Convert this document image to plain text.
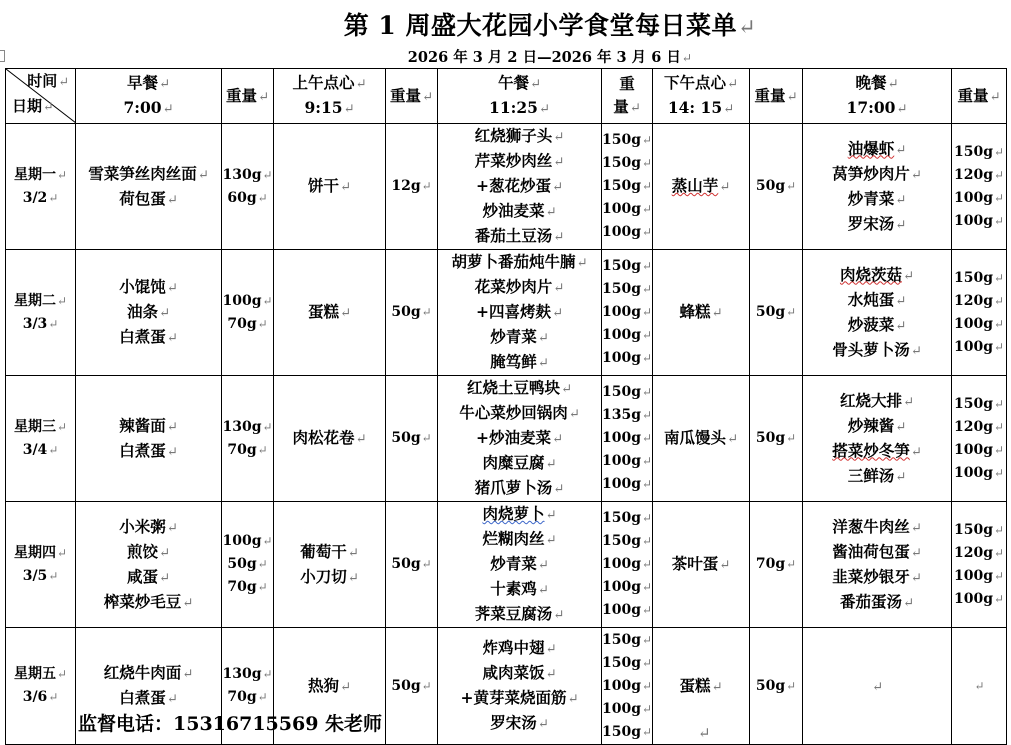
第 1 周盛大花园小学食堂每日菜单↵
2026 年 3 月 2 日—2026 年 3 月 6 日↵
时间↵
日期↵	早餐↵
7:00↵	重量↵	上午点心↵
9:15↵	重量↵	午餐↵
11:25↵	重
量↵	下午点心↵
14: 15↵	重量↵	晚餐↵
17:00↵	重量↵

星期一↵
3/2↵	雪菜笋丝肉丝面↵
荷包蛋↵	130g↵
60g↵	饼干↵	12g↵	红烧狮子头↵
芹菜炒肉丝↵
+葱花炒蛋↵
炒油麦菜↵
番茄土豆汤↵	150g↵
150g↵
150g↵
100g↵
100g↵	蒸山芋↵	50g↵	油爆虾↵
莴笋炒肉片↵
炒青菜↵
罗宋汤↵	150g↵
120g↵
100g↵
100g↵

星期二↵
3/3↵	小馄饨↵
油条↵
白煮蛋↵	100g↵
70g↵	蛋糕↵	50g↵	胡萝卜番茄炖牛腩↵
花菜炒肉片↵
+四喜烤麸↵
炒青菜↵
腌笃鲜↵	150g↵
150g↵
100g↵
100g↵
100g↵	蜂糕↵	50g↵	肉烧茨菇↵
水炖蛋↵
炒菠菜↵
骨头萝卜汤↵	150g↵
120g↵
100g↵
100g↵

星期三↵
3/4↵	辣酱面↵
白煮蛋↵	130g↵
70g↵	肉松花卷↵	50g↵	红烧土豆鸭块↵
牛心菜炒回锅肉↵
+炒油麦菜↵
肉糜豆腐↵
猪爪萝卜汤↵	150g↵
135g↵
100g↵
100g↵
100g↵	南瓜馒头↵	50g↵	红烧大排↵
炒辣酱↵
搭菜炒冬笋↵
三鲜汤↵	150g↵
120g↵
100g↵
100g↵

星期四↵
3/5↵	小米粥↵
煎饺↵
咸蛋↵
榨菜炒毛豆↵	100g↵
50g↵
70g↵	葡萄干↵
小刀切↵	50g↵	肉烧萝卜↵
烂糊肉丝↵
炒青菜↵
十素鸡↵
荠菜豆腐汤↵	150g↵
150g↵
100g↵
100g↵
100g↵	茶叶蛋↵	70g↵	洋葱牛肉丝↵
酱油荷包蛋↵
韭菜炒银牙↵
番茄蛋汤↵	150g↵
120g↵
100g↵
100g↵

星期五↵
3/6↵	红烧牛肉面↵
白煮蛋↵	130g↵
70g↵	热狗↵	50g↵	炸鸡中翅↵
咸肉菜饭↵
+黄芽菜烧面筋↵
罗宋汤↵	150g↵
150g↵
100g↵
100g↵
150g↵	蛋糕↵	50g↵	↵	↵
监督电话：15316715569 朱老师	↵
